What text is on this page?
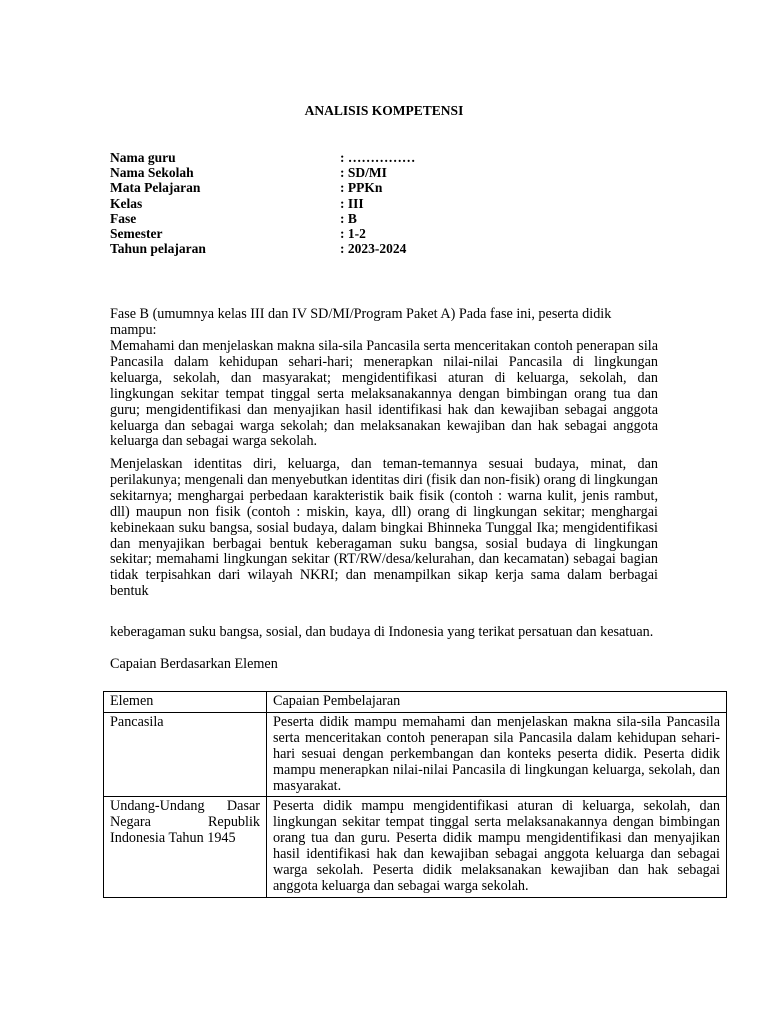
ANALISIS KOMPETENSI
Nama guru	: ……………
Nama Sekolah	: SD/MI
Mata Pelajaran	: PPKn
Kelas	: III
Fase	: B
Semester	: 1-2
Tahun pelajaran	: 2023-2024
Fase B (umumnya kelas III dan IV SD/MI/Program Paket A) Pada fase ini, peserta didik mampu:
Memahami dan menjelaskan makna sila-sila Pancasila serta menceritakan contoh penerapan sila Pancasila dalam kehidupan sehari-hari; menerapkan nilai-nilai Pancasila di lingkungan keluarga, sekolah, dan masyarakat; mengidentifikasi aturan di keluarga, sekolah, dan lingkungan sekitar tempat tinggal serta melaksanakannya dengan bimbingan orang tua dan guru; mengidentifikasi dan menyajikan hasil identifikasi hak dan kewajiban sebagai anggota keluarga dan sebagai warga sekolah; dan melaksanakan kewajiban dan hak sebagai anggota keluarga dan sebagai warga sekolah.
Menjelaskan identitas diri, keluarga, dan teman-temannya sesuai budaya, minat, dan perilakunya; mengenali dan menyebutkan identitas diri (fisik dan non-fisik) orang di lingkungan sekitarnya; menghargai perbedaan karakteristik baik fisik (contoh : warna kulit, jenis rambut, dll) maupun non fisik (contoh : miskin, kaya, dll) orang di lingkungan sekitar; menghargai kebinekaan suku bangsa, sosial budaya, dalam bingkai Bhinneka Tunggal Ika; mengidentifikasi dan menyajikan berbagai bentuk keberagaman suku bangsa, sosial budaya di lingkungan sekitar; memahami lingkungan sekitar (RT/RW/desa/kelurahan, dan kecamatan) sebagai bagian tidak terpisahkan dari wilayah NKRI; dan menampilkan sikap kerja sama dalam berbagai bentuk
keberagaman suku bangsa, sosial, dan budaya di Indonesia yang terikat persatuan dan kesatuan.
Capaian Berdasarkan Elemen
Elemen	Capaian Pembelajaran
Pancasila	Peserta didik mampu memahami dan menjelaskan makna sila-sila Pancasila serta menceritakan contoh penerapan sila Pancasila dalam kehidupan sehari-hari sesuai dengan perkembangan dan konteks peserta didik. Peserta didik mampu menerapkan nilai-nilai Pancasila di lingkungan keluarga, sekolah, dan masyarakat.
Undang-Undang Dasar Negara Republik Indonesia Tahun 1945	Peserta didik mampu mengidentifikasi aturan di keluarga, sekolah, dan lingkungan sekitar tempat tinggal serta melaksanakannya dengan bimbingan orang tua dan guru. Peserta didik mampu mengidentifikasi dan menyajikan hasil identifikasi hak dan kewajiban sebagai anggota keluarga dan sebagai warga sekolah. Peserta didik melaksanakan kewajiban dan hak sebagai anggota keluarga dan sebagai warga sekolah.
